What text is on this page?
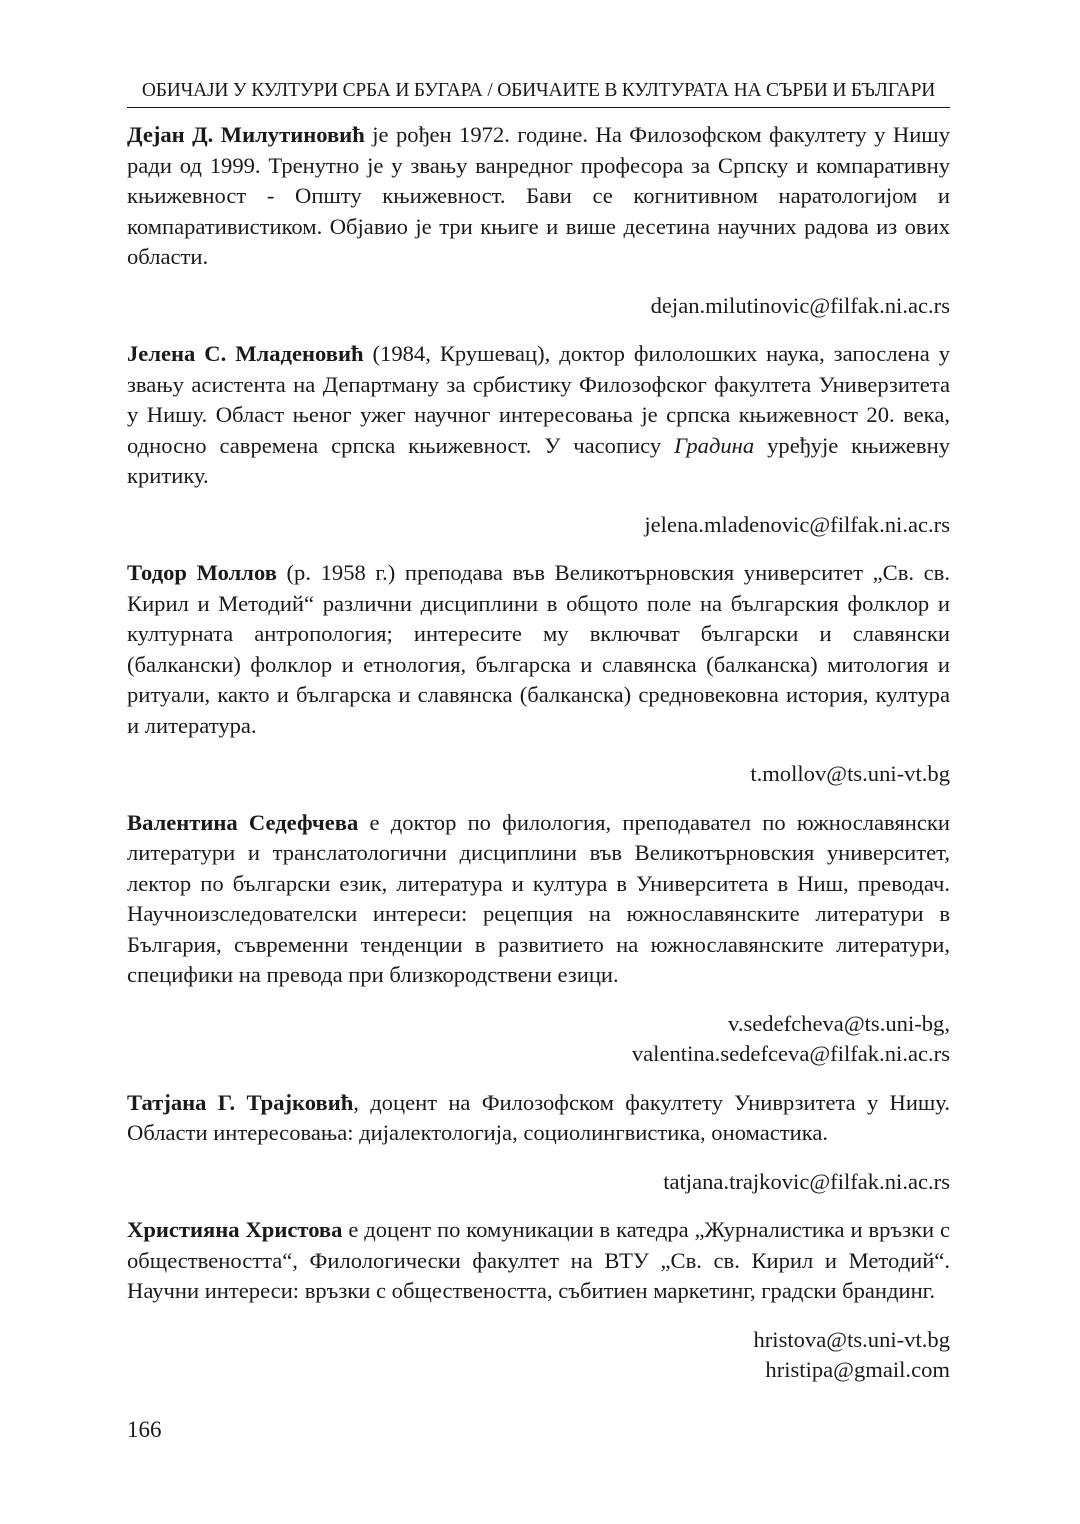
ОБИЧАЈИ У КУЛТУРИ СРБА И БУГАРА / ОБИЧАИТЕ В КУЛТУРАТА НА СЪРБИ И БЪЛГАРИ

Дејан Д. Милутиновић је рођен 1972. године. На Филозофском факултету у Нишу ради од 1999. Тренутно је у звању ванредног професора за Српску и компаративну књижевност - Општу књижевност. Бави се когнитивном наратологијом и компаративистиком. Објавио је три књиге и више десетина научних радова из ових области.

dejan.milutinovic@filfak.ni.ac.rs

Јелена С. Младеновић (1984, Крушевац), доктор филолошких наука, запослена у звању асистента на Департману за србистику Филозофског факултета Универзитета у Нишу. Област њеног ужег научног интересовања је српска књижевност 20. века, односно савремена српска књижевност. У часопису Градина уређује књижевну критику.

jelena.mladenovic@filfak.ni.ac.rs

Тодор Моллов (р. 1958 г.) преподава във Великотърновския университет „Св. св. Кирил и Методий“ различни дисциплини в общото поле на българския фолклор и културната антропология; интересите му включват български и славянски (балкански) фолклор и етнология, българска и славянска (балканска) митология и ритуали, както и българска и славянска (балканска) средновековна история, култура и литература.

t.mollov@ts.uni-vt.bg

Валентина Седефчева е доктор по филология, преподавател по южнославянски литератури и транслатологични дисциплини във Великотърновския университет, лектор по български език, литература и култура в Университета в Ниш, преводач. Научноизследователски интереси: рецепция на южнославянските литератури в България, съвременни тенденции в развитието на южнославянските литератури, специфики на превода при близкородствени езици.

v.sedefcheva@ts.uni-bg,
valentina.sedefceva@filfak.ni.ac.rs

Татјана Г. Трајковић, доцент на Филозофском факултету Униврзитета у Нишу. Области интересовања: дијалектологија, социолингвистика, ономастика.

tatjana.trajkovic@filfak.ni.ac.rs

Християна Христова е доцент по комуникации в катедра „Журналистика и връзки с обществеността“, Филологически факултет на ВТУ „Св. св. Кирил и Методий“. Научни интереси: връзки с обществеността, събитиен маркетинг, градски брандинг.

hristova@ts.uni-vt.bg
hristipa@gmail.com
166
